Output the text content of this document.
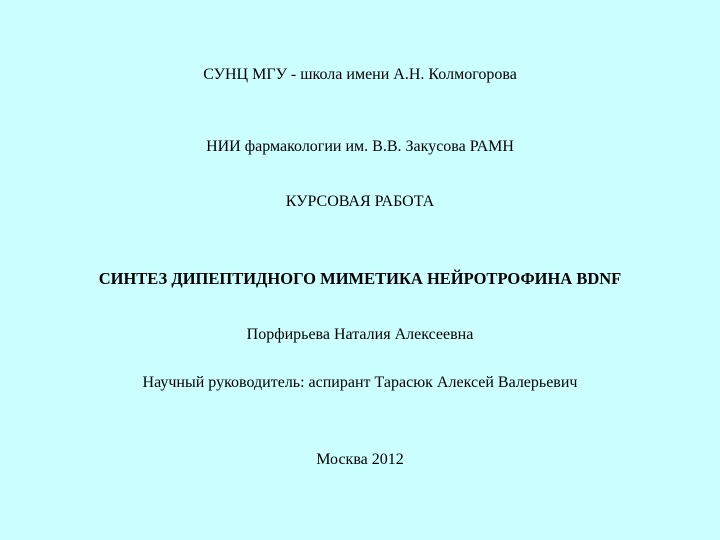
СУНЦ МГУ - школа имени А.Н. Колмогорова
НИИ фармакологии им. В.В. Закусова РАМН
КУРСОВАЯ РАБОТА
СИНТЕЗ ДИПЕПТИДНОГО МИМЕТИКА НЕЙРОТРОФИНА BDNF
Порфирьева Наталия Алексеевна
Научный руководитель: аспирант Тарасюк Алексей Валерьевич
Москва 2012
